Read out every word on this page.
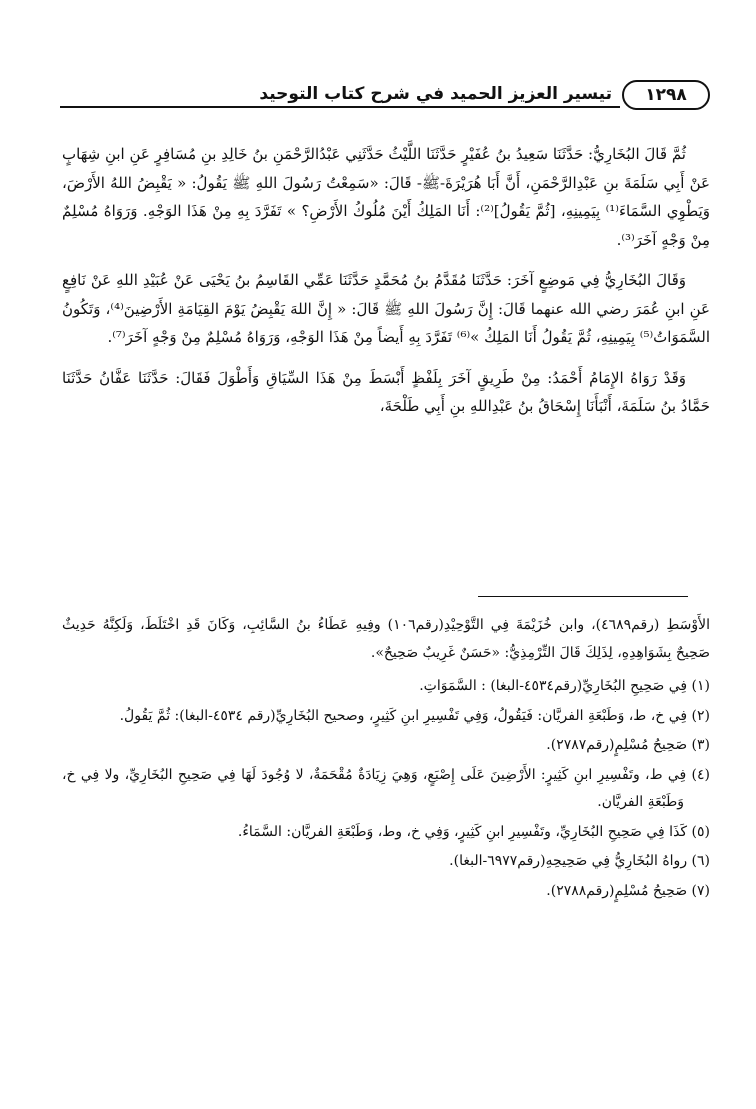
تيسير العزيز الحميد في شرح كتاب التوحيد	١٢٩٨

ثُمَّ قَالَ البُخَارِيُّ: حَدَّثَنَا سَعِيدُ بنُ عُفَيْرٍ حَدَّثَنَا اللَّيْثُ حَدَّثَنِي عَبْدُالرَّحْمَنِ بنُ خَالِدِ بنِ مُسَافِرٍ عَنِ ابنِ شِهَابٍ عَنْ أَبِي سَلَمَةَ بنِ عَبْدِالرَّحْمَنِ، أَنَّ أَبَا هُرَيْرَةَ-ﷺ- قَالَ: «سَمِعْتُ رَسُولَ اللهِ ﷺ يَقُولُ: « يَقْبِضُ اللهُ الأَرْضَ، وَيَطْوِي السَّمَاءَ⁽¹⁾ بِيَمِينِهِ، [ثُمَّ يَقُولُ]⁽²⁾: أَنَا المَلِكُ أَيْنَ مُلُوكُ الأَرْضِ؟ » تَفَرَّدَ بِهِ مِنْ هَذَا الوَجْهِ. وَرَوَاهُ مُسْلِمٌ مِنْ وَجْهٍ آخَرَ⁽³⁾.

وَقَالَ البُخَارِيُّ فِي مَوضِعٍ آخَرَ: حَدَّثَنَا مُقَدَّمُ بنُ مُحَمَّدٍ حَدَّثَنَا عَمِّي القَاسِمُ بنُ يَحْيَى عَنْ عُبَيْدِ اللهِ عَنْ نَافِعٍ عَنِ ابنِ عُمَرَ رضي الله عنهما قَالَ: إِنَّ رَسُولَ اللهِ ﷺ قَالَ: « إِنَّ اللهَ يَقْبِضُ يَوْمَ القِيَامَةِ الأَرْضِينَ⁽⁴⁾، وَتَكُونُ السَّمَوَاتُ⁽⁵⁾ بِيَمِينِهِ، ثُمَّ يَقُولُ أَنَا المَلِكُ »⁽⁶⁾ تَفَرَّدَ بِهِ أَيضاً مِنْ هَذَا الوَجْهِ، وَرَوَاهُ مُسْلِمٌ مِنْ وَجْهٍ آخَرَ⁽⁷⁾.

وَقَدْ رَوَاهُ الإِمَامُ أَحْمَدُ: مِنْ طَرِيقٍ آخَرَ بِلَفْظٍ أَبْسَطَ مِنْ هَذَا السِّيَاقِ وَأَطْوَلَ فَقَالَ: حَدَّثَنَا عَفَّانُ حَدَّثَنَا حَمَّادُ بنُ سَلَمَةَ، أَنْبَأَنَا إِسْحَاقُ بنُ عَبْدِاللهِ بنِ أَبِي طَلْحَةَ،

الأَوْسَطِ (رقم٤٦٨٩)، وابن خُزَيْمَةَ فِي التَّوْحِيْدِ(رقم١٠٦) وفِيهِ عَطَاءُ بنُ السَّائِبِ، وَكَانَ قَدِ اخْتَلَطَ، وَلَكِنَّهُ حَدِيثٌ صَحِيحٌ بِشَوَاهِدِهِ، لِذَلِكَ قَالَ التِّرْمِذِيُّ: «حَسَنٌ غَرِيبٌ صَحِيحٌ».

(١) فِي صَحِيحِ البُخَارِيِّ(رقم٤٥٣٤-البغا) : السَّمَوَاتِ.

(٢) فِي خ، ط، وَطَبْعَةِ الفريَّان: فَيَقُولُ، وَفِي تَفْسِيرِ ابنِ كَثِيرٍ، وصحيح البُخَارِيِّ(رقم ٤٥٣٤-البغا): ثُمَّ يَقُولُ.

(٣) صَحِيحُ مُسْلِمٍ(رقم٢٧٨٧).

(٤) فِي ط، وتَفْسِيرِ ابنِ كَثِيرٍ: الأَرْضِينَ عَلَى إِصْبَعٍ، وَهِيَ زِيَادَةٌ مُقْحَمَةٌ، لا وُجُودَ لَهَا فِي صَحِيحِ البُخَارِيِّ، ولا فِي خ، وَطَبْعَةِ الفريَّان.

(٥) كَذَا فِي صَحِيحِ البُخَارِيِّ، وتَفْسِيرِ ابنِ كَثِيرٍ، وَفِي خ، وط، وَطَبْعَةِ الفريَّان: السَّمَاءُ.

(٦) رواهُ البُخَارِيُّ فِي صَحِيحِهِ(رقم٦٩٧٧-البغا).

(٧) صَحِيحُ مُسْلِمٍ(رقم٢٧٨٨).
